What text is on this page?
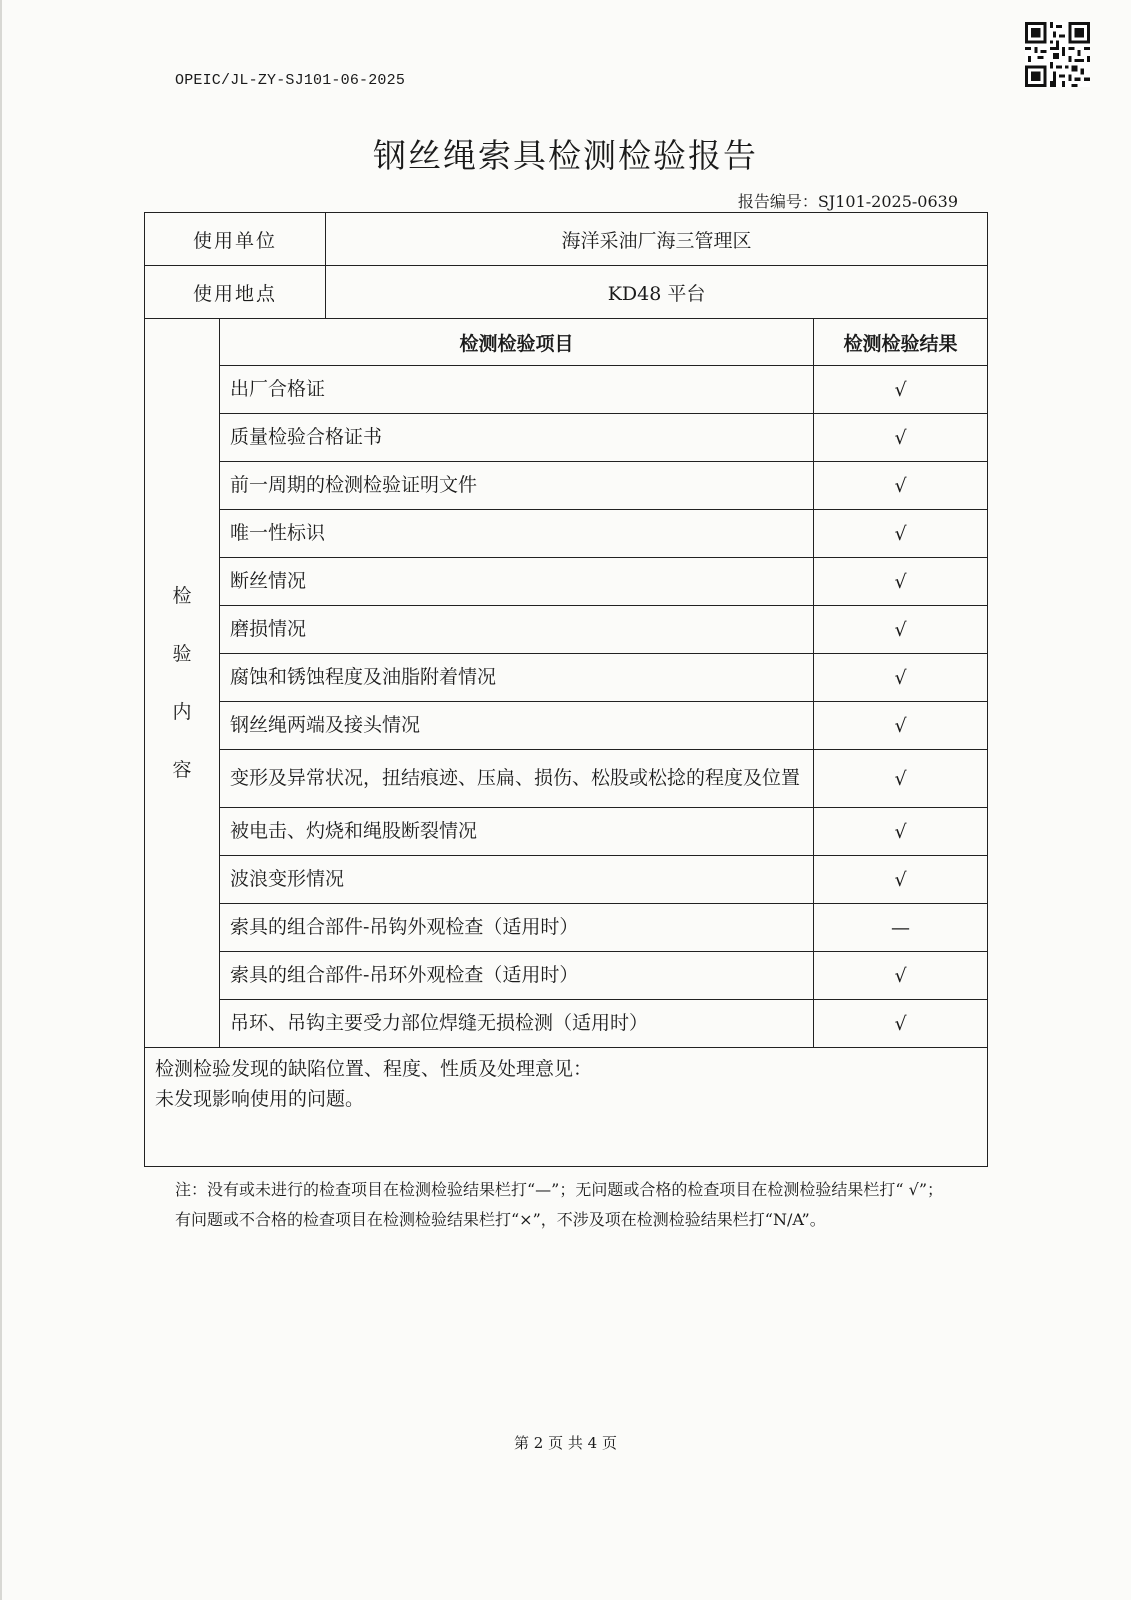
OPEIC/JL-ZY-SJ101-06-2025
钢丝绳索具检测检验报告
报告编号：SJ101-2025-0639
使用单位		海洋采油厂海三管理区	
使用地点		KD48 平台	

检
验
内
容	检测检验项目		检测检验结果
	出厂合格证		√
	质量检验合格证书		√
	前一周期的检测检验证明文件		√
	唯一性标识		√
	断丝情况		√
	磨损情况		√
	腐蚀和锈蚀程度及油脂附着情况		√
	钢丝绳两端及接头情况		√
	变形及异常状况，扭结痕迹、压扁、损伤、松股或松捻的程度及位置		√
	被电击、灼烧和绳股断裂情况		√
	波浪变形情况		√
	索具的组合部件-吊钩外观检查（适用时）		—
	索具的组合部件-吊环外观检查（适用时）		√
	吊环、吊钩主要受力部位焊缝无损检测（适用时）		√

检测检验发现的缺陷位置、程度、性质及处理意见：
未发现影响使用的问题。			
注：没有或未进行的检查项目在检测检验结果栏打“—”；无问题或合格的检查项目在检测检验结果栏打“ √”；有问题或不合格的检查项目在检测检验结果栏打“×”，不涉及项在检测检验结果栏打“N/A”。
第 2 页 共 4 页
